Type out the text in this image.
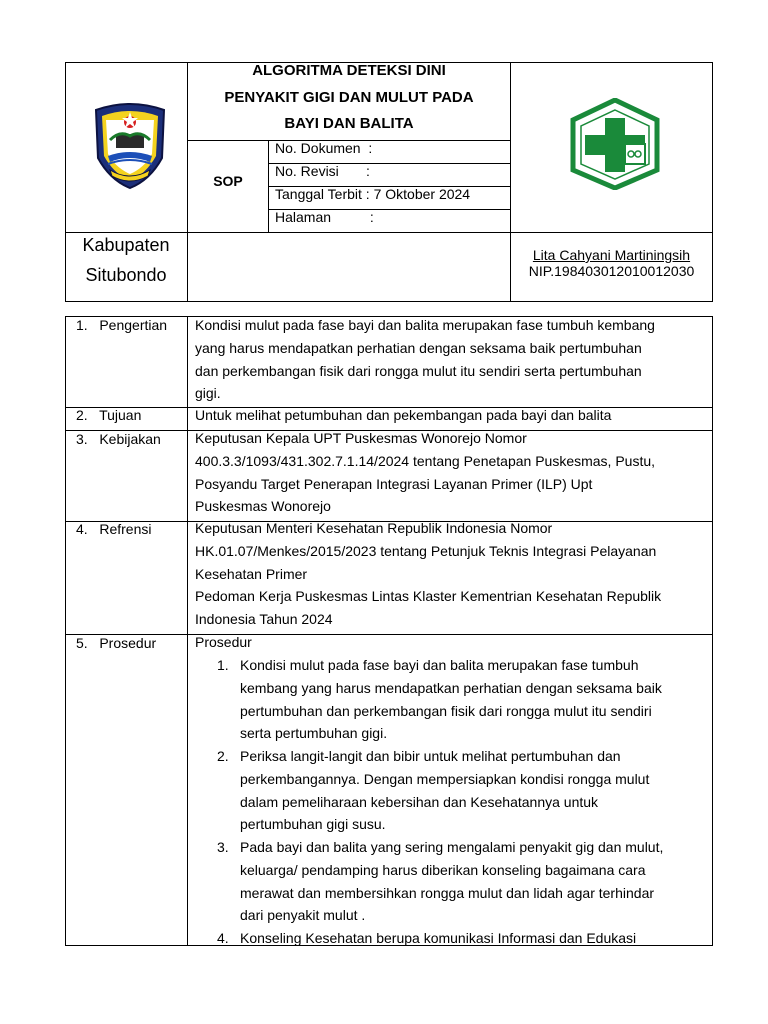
ALGORITMA DETEKSI DINI
PENYAKIT GIGI DAN MULUT PADA
BAYI DAN BALITA
SOP
No. Dokumen  :
No. Revisi       :
Tanggal Terbit : 7 Oktober 2024
Halaman          :
Kabupaten
Situbondo
Lita Cahyani Martiningsih
NIP.198403012010012030
1.   Pengertian
2.   Tujuan
3.   Kebijakan
4.   Refrensi
5.   Prosedur
Kondisi mulut pada fase bayi dan balita merupakan fase tumbuh kembang
yang harus mendapatkan perhatian dengan seksama baik pertumbuhan
dan perkembangan fisik dari rongga mulut itu sendiri serta pertumbuhan
gigi.
Untuk melihat petumbuhan dan pekembangan pada bayi dan balita
Keputusan Kepala UPT Puskesmas Wonorejo Nomor
400.3.3/1093/431.302.7.1.14/2024 tentang Penetapan Puskesmas, Pustu,
Posyandu Target Penerapan Integrasi Layanan Primer (ILP) Upt
Puskesmas Wonorejo
Keputusan Menteri Kesehatan Republik Indonesia Nomor
HK.01.07/Menkes/2015/2023 tentang Petunjuk Teknis Integrasi Pelayanan
Kesehatan Primer
Pedoman Kerja Puskesmas Lintas Klaster Kementrian Kesehatan Republik
Indonesia Tahun 2024
Prosedur
1. Kondisi mulut pada fase bayi dan balita merupakan fase tumbuh
kembang yang harus mendapatkan perhatian dengan seksama baik
pertumbuhan dan perkembangan fisik dari rongga mulut itu sendiri
serta pertumbuhan gigi.
2. Periksa langit-langit dan bibir untuk melihat pertumbuhan dan
perkembangannya. Dengan mempersiapkan kondisi rongga mulut
dalam pemeliharaan kebersihan dan Kesehatannya untuk
pertumbuhan gigi susu.
3. Pada bayi dan balita yang sering mengalami penyakit gig dan mulut,
keluarga/ pendamping harus diberikan konseling bagaimana cara
merawat dan membersihkan rongga mulut dan lidah agar terhindar
dari penyakit mulut .
4. Konseling Kesehatan berupa komunikasi Informasi dan Edukasi
